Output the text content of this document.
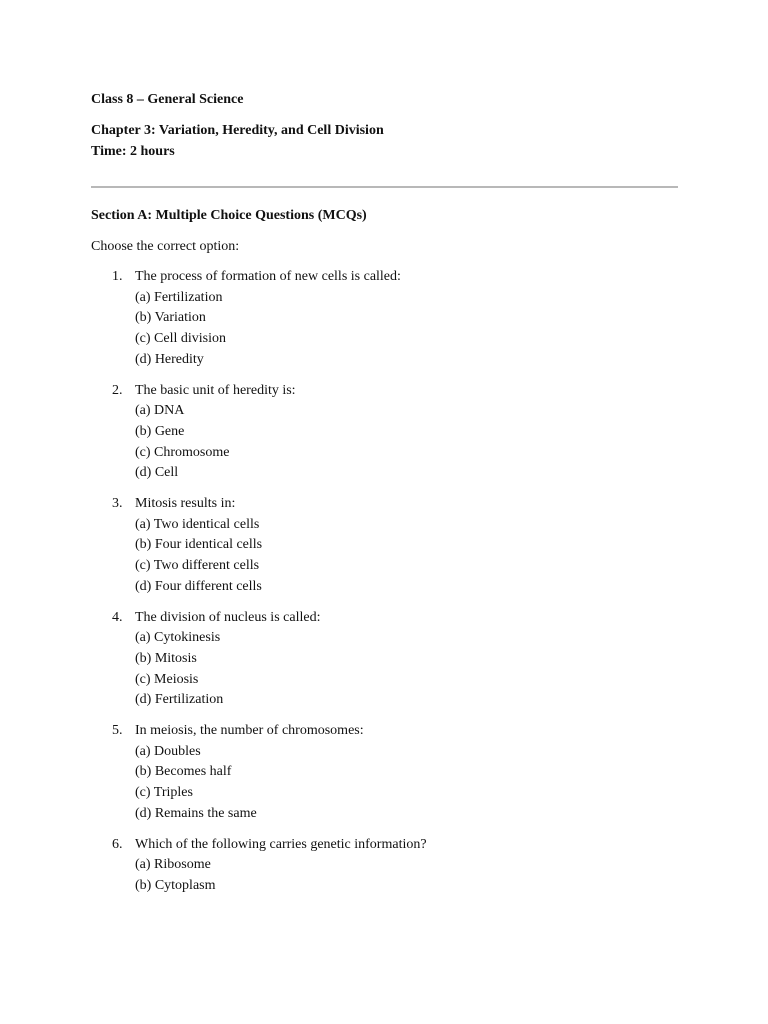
Class 8 – General Science

Chapter 3: Variation, Heredity, and Cell Division

Time: 2 hours

Section A: Multiple Choice Questions (MCQs)

Choose the correct option:

1. The process of formation of new cells is called:
(a) Fertilization
(b) Variation
(c) Cell division
(d) Heredity
2. The basic unit of heredity is:
(a) DNA
(b) Gene
(c) Chromosome
(d) Cell
3. Mitosis results in:
(a) Two identical cells
(b) Four identical cells
(c) Two different cells
(d) Four different cells
4. The division of nucleus is called:
(a) Cytokinesis
(b) Mitosis
(c) Meiosis
(d) Fertilization
5. In meiosis, the number of chromosomes:
(a) Doubles
(b) Becomes half
(c) Triples
(d) Remains the same
6. Which of the following carries genetic information?
(a) Ribosome
(b) Cytoplasm
